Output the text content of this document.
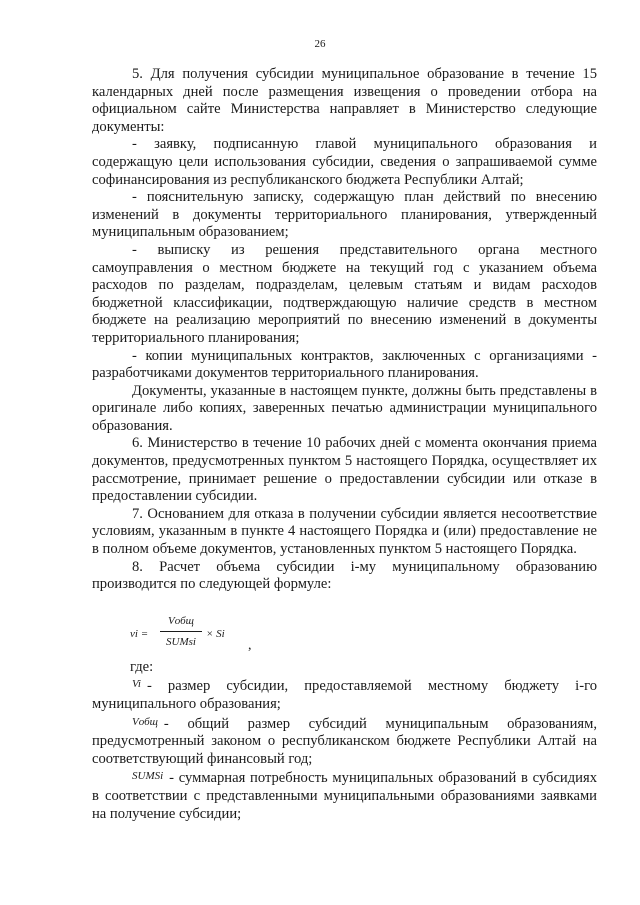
26

5. Для получения субсидии муниципальное образование в течение 15 календарных дней после размещения извещения о проведении отбора на официальном сайте Министерства направляет в Министерство следующие документы:

- заявку, подписанную главой муниципального образования и содержащую цели использования субсидии, сведения о запрашиваемой сумме софинансирования из республиканского бюджета Республики Алтай;

- пояснительную записку, содержащую план действий по внесению изменений в документы территориального планирования, утвержденный муниципальным образованием;

- выписку из решения представительного органа местного самоуправления о местном бюджете на текущий год с указанием объема расходов по разделам, подразделам, целевым статьям и видам расходов бюджетной классификации, подтверждающую наличие средств в местном бюджете на реализацию мероприятий по внесению изменений в документы территориального планирования;

- копии муниципальных контрактов, заключенных с организациями - разработчиками документов территориального планирования.

Документы, указанные в настоящем пункте, должны быть представлены в оригинале либо копиях, заверенных печатью администрации муниципального образования.

6. Министерство в течение 10 рабочих дней с момента окончания приема документов, предусмотренных пунктом 5 настоящего Порядка, осуществляет их рассмотрение, принимает решение о предоставлении субсидии или отказе в предоставлении субсидии.

7. Основанием для отказа в получении субсидии является несоответствие условиям, указанным в пункте 4 настоящего Порядка и (или) предоставление не в полном объеме документов, установленных пунктом 5 настоящего Порядка.

8. Расчет объема субсидии i-му муниципальному образованию производится по следующей формуле:

vi =
Vобщ
SUMsi
× Si
,

где:

$^{Vi}$ - размер субсидии, предоставляемой местному бюджету i-го муниципального образования;

$^{Vобщ}$ - общий размер субсидий муниципальным образованиям, предусмотренный законом о республиканском бюджете Республики Алтай на соответствующий финансовый год;

$^{SUMSi}$ - суммарная потребность муниципальных образований в субсидиях в соответствии с представленными муниципальными образованиями заявками на получение субсидии;
